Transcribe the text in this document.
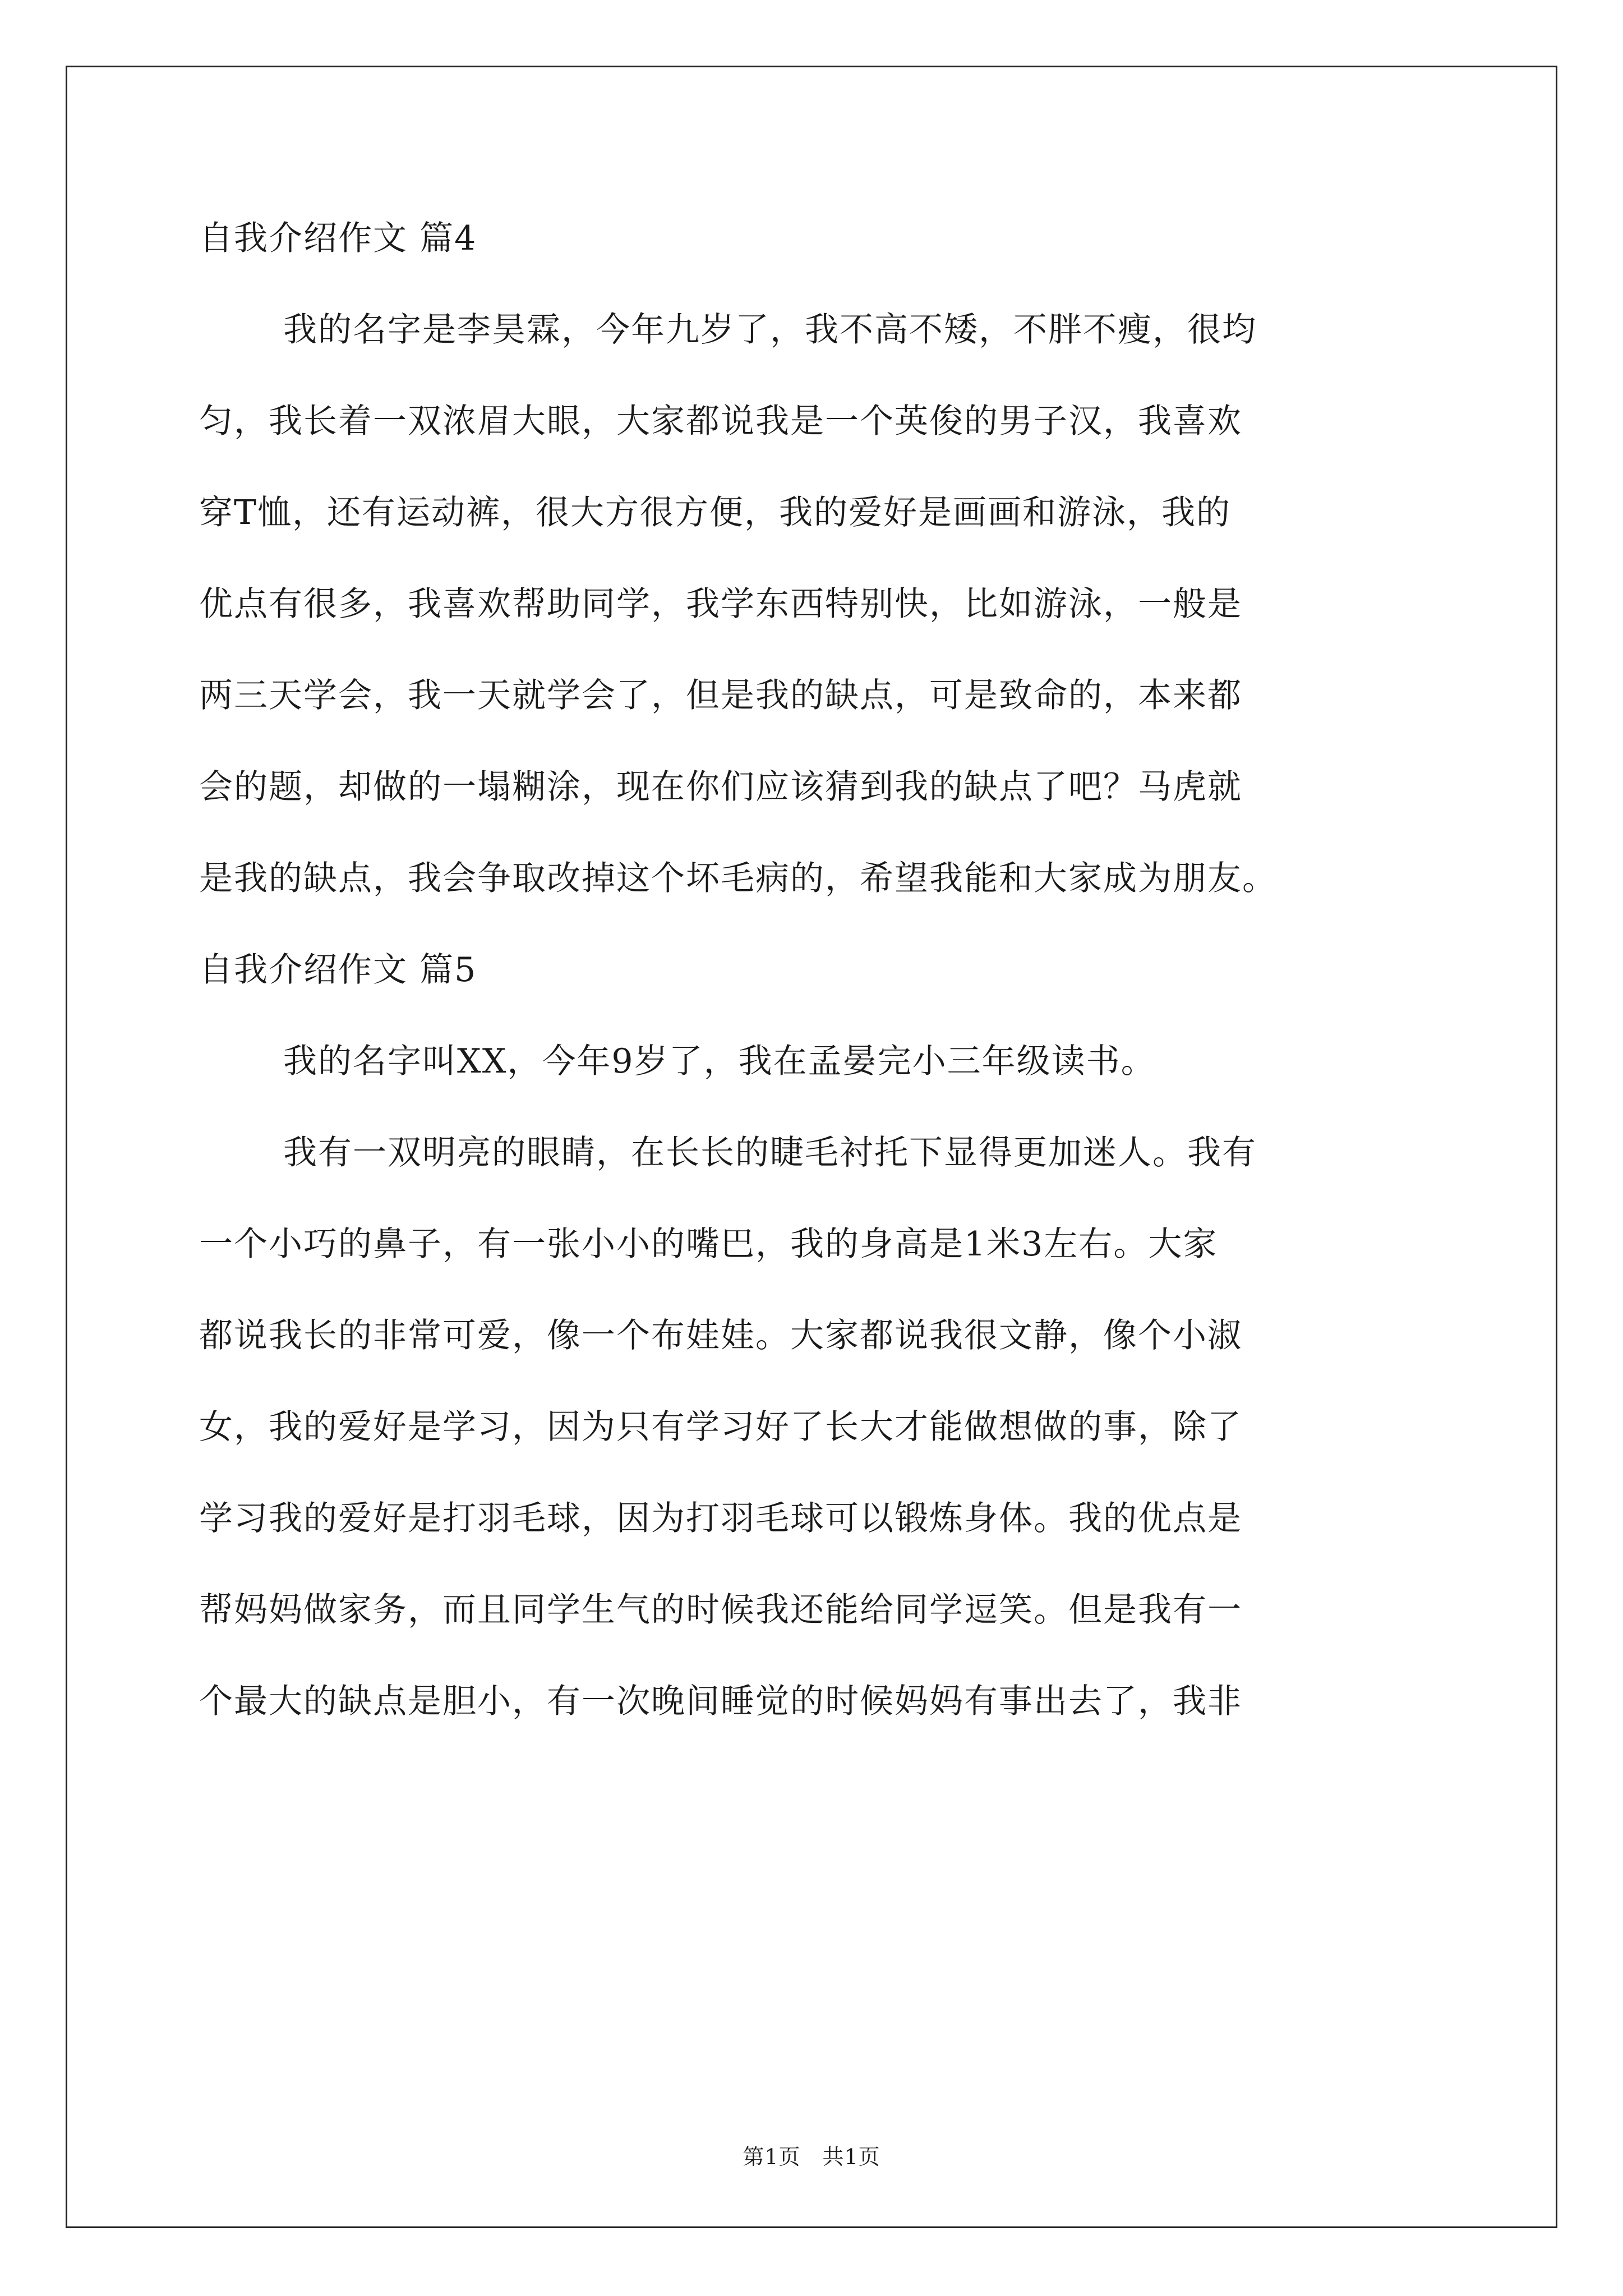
自我介绍作文 篇4

我的名字是李昊霖，今年九岁了，我不高不矮，不胖不瘦，很均

匀，我长着一双浓眉大眼，大家都说我是一个英俊的男子汉，我喜欢

穿T恤，还有运动裤，很大方很方便，我的爱好是画画和游泳，我的

优点有很多，我喜欢帮助同学，我学东西特别快，比如游泳，一般是

两三天学会，我一天就学会了，但是我的缺点，可是致命的，本来都

会的题，却做的一塌糊涂，现在你们应该猜到我的缺点了吧？马虎就

是我的缺点，我会争取改掉这个坏毛病的，希望我能和大家成为朋友。

自我介绍作文 篇5

我的名字叫XX，今年9岁了，我在孟晏完小三年级读书。

我有一双明亮的眼睛，在长长的睫毛衬托下显得更加迷人。我有

一个小巧的鼻子，有一张小小的嘴巴，我的身高是1米3左右。大家

都说我长的非常可爱，像一个布娃娃。大家都说我很文静，像个小淑

女，我的爱好是学习，因为只有学习好了长大才能做想做的事，除了

学习我的爱好是打羽毛球，因为打羽毛球可以锻炼身体。我的优点是

帮妈妈做家务，而且同学生气的时候我还能给同学逗笑。但是我有一

个最大的缺点是胆小，有一次晚间睡觉的时候妈妈有事出去了，我非

第1页　共1页
